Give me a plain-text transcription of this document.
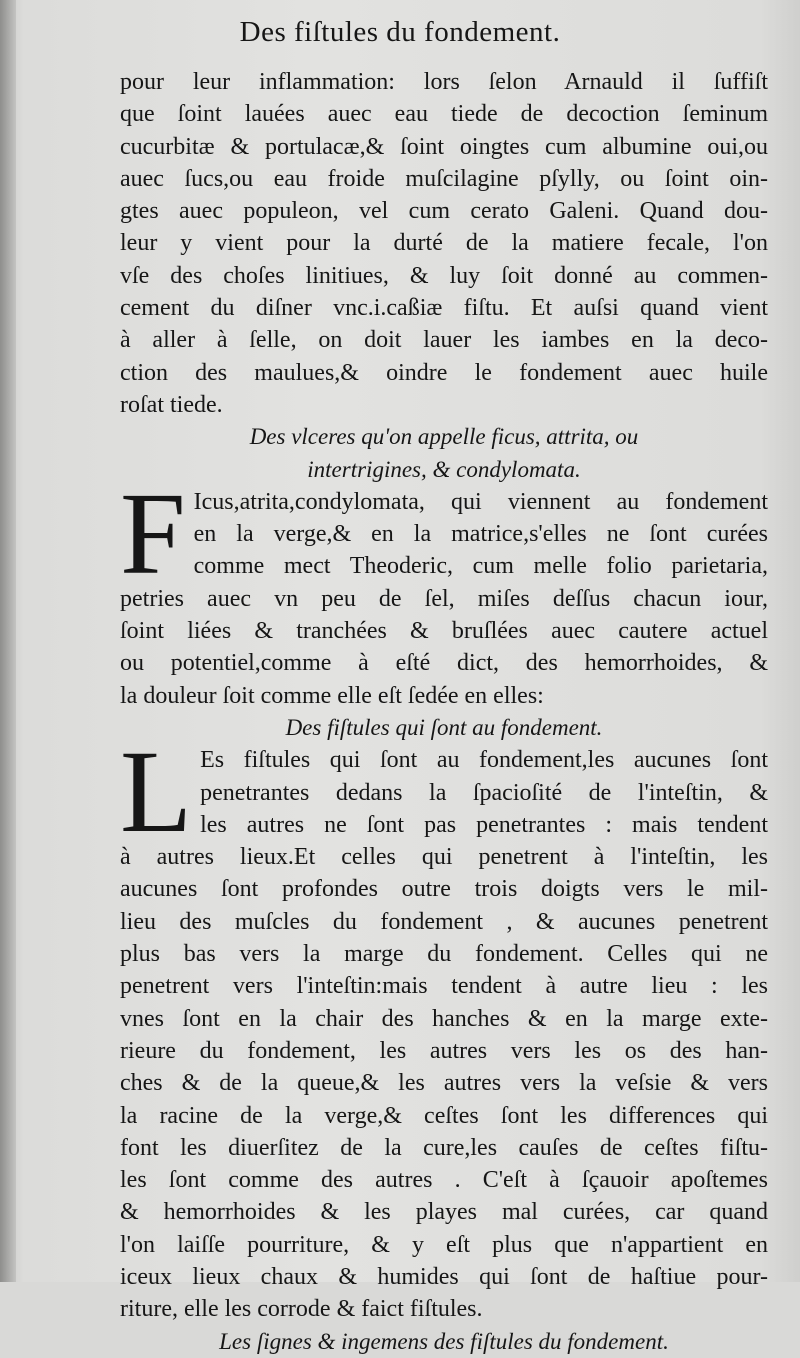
Des fiſtules du fondement.
pour leur inflammation: lors ſelon Arnauld il ſuffiſt
que ſoint lauées auec eau tiede de decoction ſeminum
cucurbitæ & portulacæ,& ſoint oingtes cum albumine oui,ou
auec ſucs,ou eau froide muſcilagine pſylly, ou ſoint oin-
gtes auec populeon, vel cum cerato Galeni. Quand dou-
leur y vient pour la durté de la matiere fecale, l'on
vſe des choſes linitiues, & luy ſoit donné au commen-
cement du diſner vnc.i.caßiæ fiſtu. Et auſsi quand vient
à aller à ſelle, on doit lauer les iambes en la deco-
ction des maulues,& oindre le fondement auec huile
roſat tiede.
Des vlceres qu'on appelle ficus, attrita, ou
intertrigines, & condylomata.
F Icus,atrita,condylomata, qui viennent au fondement
en la verge,& en la matrice,s'elles ne ſont curées
comme mect Theoderic, cum melle folio parietaria,
petries auec vn peu de ſel, miſes deſſus chacun iour,
ſoint liées & tranchées & bruſlées auec cautere actuel
ou potentiel,comme à eſté dict, des hemorrhoides, &
la douleur ſoit comme elle eſt ſedée en elles:
Des fiſtules qui ſont au fondement.
L Es fiſtules qui ſont au fondement,les aucunes ſont
penetrantes dedans la ſpacioſité de l'inteſtin, &
les autres ne ſont pas penetrantes : mais tendent
à autres lieux.Et celles qui penetrent à l'inteſtin, les
aucunes ſont profondes outre trois doigts vers le mil-
lieu des muſcles du fondement , & aucunes penetrent
plus bas vers la marge du fondement. Celles qui ne
penetrent vers l'inteſtin:mais tendent à autre lieu : les
vnes ſont en la chair des hanches & en la marge exte-
rieure du fondement, les autres vers les os des han-
ches & de la queue,& les autres vers la veſsie & vers
la racine de la verge,& ceſtes ſont les differences qui
font les diuerſitez de la cure,les cauſes de ceſtes fiſtu-
les ſont comme des autres . C'eſt à ſçauoir apoſtemes
& hemorrhoides & les playes mal curées, car quand
l'on laiſſe pourriture, & y eſt plus que n'appartient en
iceux lieux chaux & humides qui ſont de haſtiue pour-
riture, elle les corrode & faict fiſtules.
Les ſignes & ingemens des fiſtules du fondement.
